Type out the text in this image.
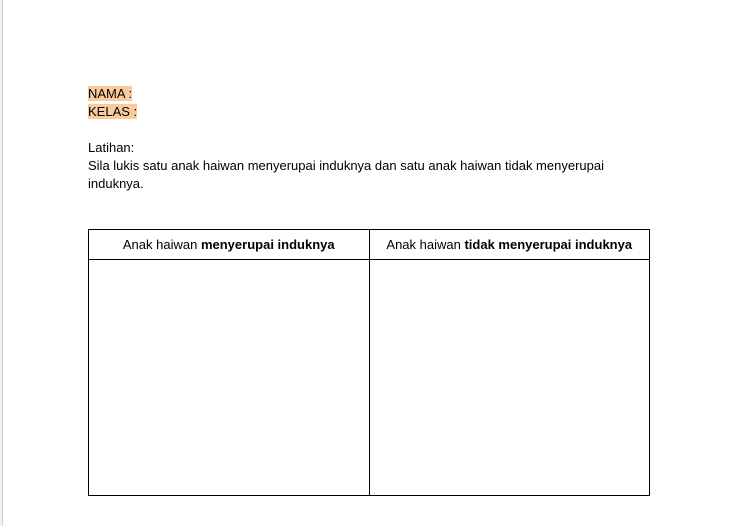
NAMA :
KELAS :

Latihan:

Sila lukis satu anak haiwan menyerupai induknya dan satu anak haiwan tidak menyerupai induknya.

Anak haiwan menyerupai induknya	Anak haiwan tidak menyerupai induknya
